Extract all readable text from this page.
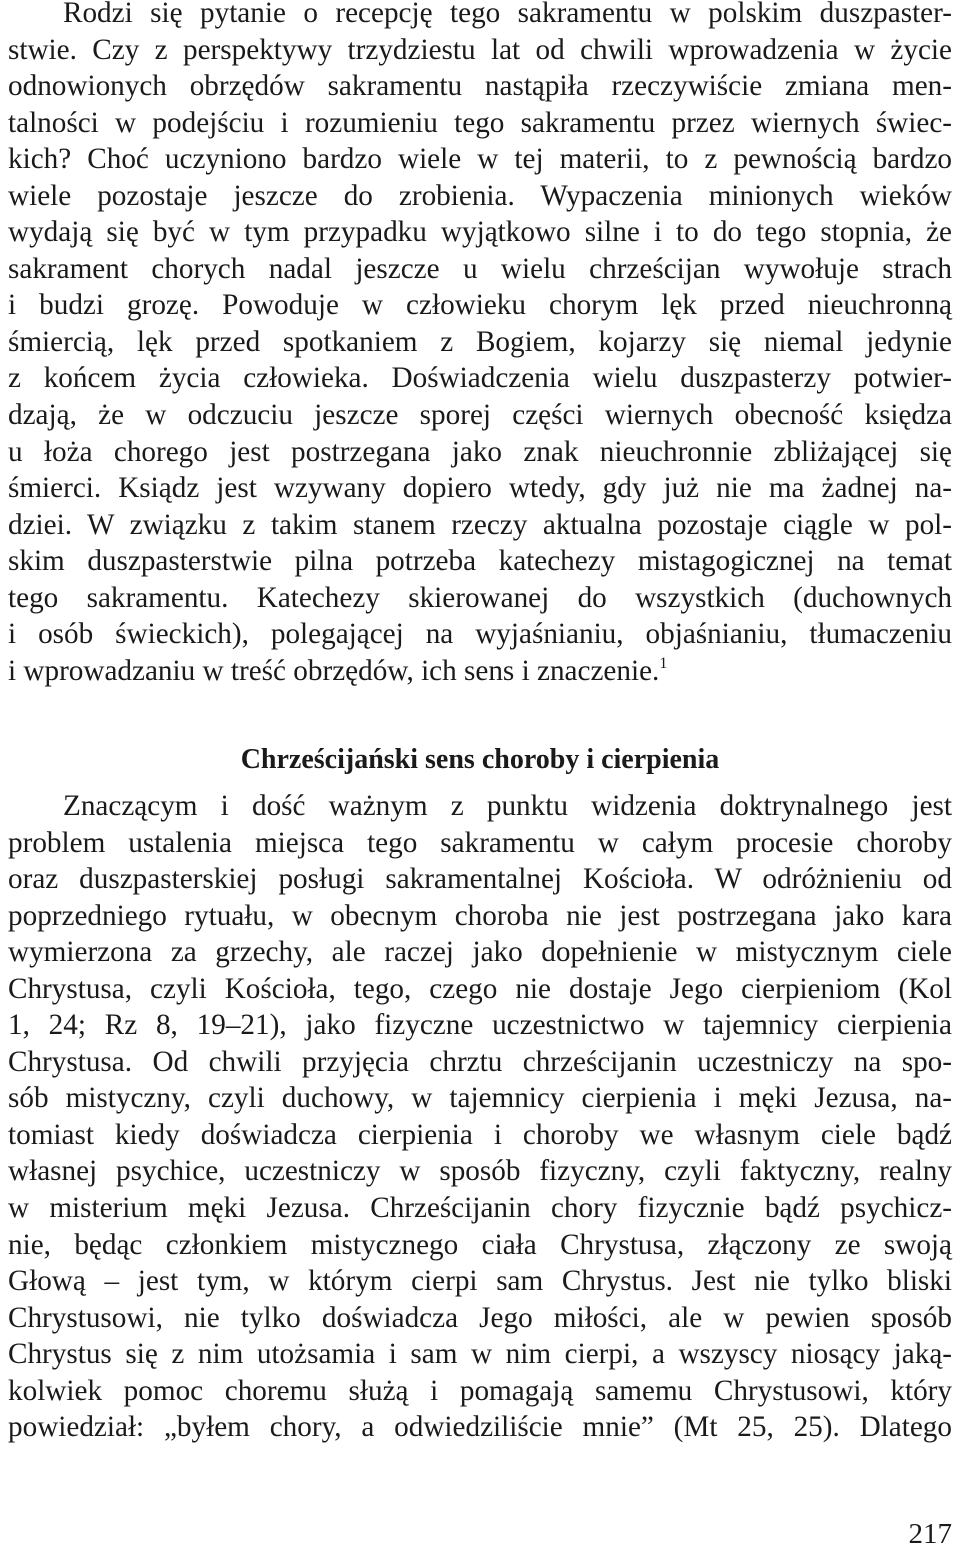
Rodzi się pytanie o recepcję tego sakramentu w polskim duszpaster-
stwie. Czy z perspektywy trzydziestu lat od chwili wprowadzenia w życie
odnowionych obrzędów sakramentu nastąpiła rzeczywiście zmiana men-
talności w podejściu i rozumieniu tego sakramentu przez wiernych świec-
kich? Choć uczyniono bardzo wiele w tej materii, to z pewnością bardzo
wiele pozostaje jeszcze do zrobienia. Wypaczenia minionych wieków
wydają się być w tym przypadku wyjątkowo silne i to do tego stopnia, że
sakrament chorych nadal jeszcze u wielu chrześcijan wywołuje strach
i budzi grozę. Powoduje w człowieku chorym lęk przed nieuchronną
śmiercią, lęk przed spotkaniem z Bogiem, kojarzy się niemal jedynie
z końcem życia człowieka. Doświadczenia wielu duszpasterzy potwier-
dzają, że w odczuciu jeszcze sporej części wiernych obecność księdza
u łoża chorego jest postrzegana jako znak nieuchronnie zbliżającej się
śmierci. Ksiądz jest wzywany dopiero wtedy, gdy już nie ma żadnej na-
dziei. W związku z takim stanem rzeczy aktualna pozostaje ciągle w pol-
skim duszpasterstwie pilna potrzeba katechezy mistagogicznej na temat
tego sakramentu. Katechezy skierowanej do wszystkich (duchownych
i osób świeckich), polegającej na wyjaśnianiu, objaśnianiu, tłumaczeniu
i wprowadzaniu w treść obrzędów, ich sens i znaczenie.$^1$
Chrześcijański sens choroby i cierpienia
Znaczącym i dość ważnym z punktu widzenia doktrynalnego jest
problem ustalenia miejsca tego sakramentu w całym procesie choroby
oraz duszpasterskiej posługi sakramentalnej Kościoła. W odróżnieniu od
poprzedniego rytuału, w obecnym choroba nie jest postrzegana jako kara
wymierzona za grzechy, ale raczej jako dopełnienie w mistycznym ciele
Chrystusa, czyli Kościoła, tego, czego nie dostaje Jego cierpieniom (Kol
1, 24; Rz 8, 19–21), jako fizyczne uczestnictwo w tajemnicy cierpienia
Chrystusa. Od chwili przyjęcia chrztu chrześcijanin uczestniczy na spo-
sób mistyczny, czyli duchowy, w tajemnicy cierpienia i męki Jezusa, na-
tomiast kiedy doświadcza cierpienia i choroby we własnym ciele bądź
własnej psychice, uczestniczy w sposób fizyczny, czyli faktyczny, realny
w misterium męki Jezusa. Chrześcijanin chory fizycznie bądź psychicz-
nie, będąc członkiem mistycznego ciała Chrystusa, złączony ze swoją
Głową – jest tym, w którym cierpi sam Chrystus. Jest nie tylko bliski
Chrystusowi, nie tylko doświadcza Jego miłości, ale w pewien sposób
Chrystus się z nim utożsamia i sam w nim cierpi, a wszyscy niosący jaką-
kolwiek pomoc choremu służą i pomagają samemu Chrystusowi, który
powiedział: „byłem chory, a odwiedziliście mnie” (Mt 25, 25). Dlatego
217
